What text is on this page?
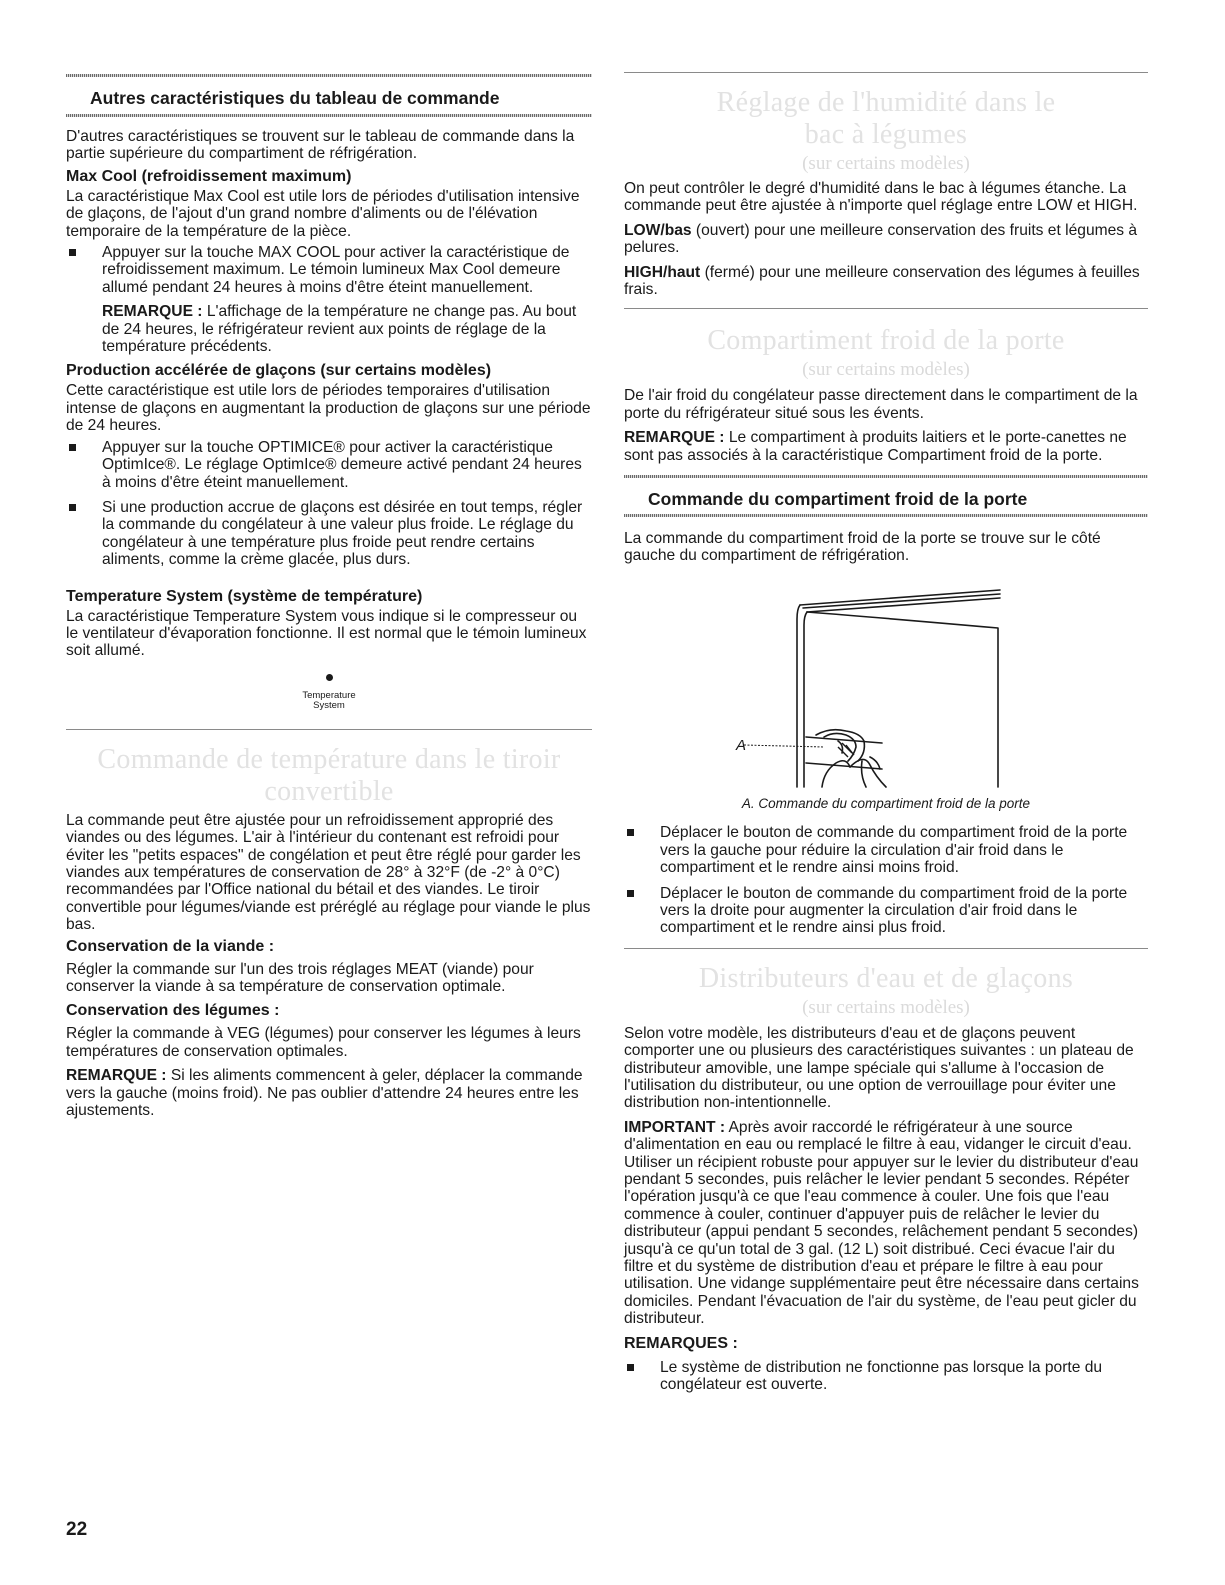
Autres caractéristiques du tableau de commande

D'autres caractéristiques se trouvent sur le tableau de commande dans la partie supérieure du compartiment de réfrigération.

Max Cool (refroidissement maximum)

La caractéristique Max Cool est utile lors de périodes d'utilisation intensive de glaçons, de l'ajout d'un grand nombre d'aliments ou de l'élévation temporaire de la température de la pièce.

Appuyer sur la touche MAX COOL pour activer la caractéristique de refroidissement maximum. Le témoin lumineux Max Cool demeure allumé pendant 24 heures à moins d'être éteint manuellement.

REMARQUE : L'affichage de la température ne change pas. Au bout de 24 heures, le réfrigérateur revient aux points de réglage de la température précédents.

Production accélérée de glaçons (sur certains modèles)

Cette caractéristique est utile lors de périodes temporaires d'utilisation intense de glaçons en augmentant la production de glaçons sur une période de 24 heures.

Appuyer sur la touche OPTIMICE® pour activer la caractéristique OptimIce®. Le réglage OptimIce® demeure activé pendant 24 heures à moins d'être éteint manuellement.
Si une production accrue de glaçons est désirée en tout temps, régler la commande du congélateur à une valeur plus froide. Le réglage du congélateur à une température plus froide peut rendre certains aliments, comme la crème glacée, plus durs.
Temperature System (système de température)

La caractéristique Temperature System vous indique si le compresseur ou le ventilateur d'évaporation fonctionne. Il est normal que le témoin lumineux soit allumé.

Temperature
System
Commande de température dans le tiroir convertible

La commande peut être ajustée pour un refroidissement approprié des viandes ou des légumes. L'air à l'intérieur du contenant est refroidi pour éviter les "petits espaces" de congélation et peut être réglé pour garder les viandes aux températures de conservation de 28° à 32°F (de -2° à 0°C) recommandées par l'Office national du bétail et des viandes. Le tiroir convertible pour légumes/viande est préréglé au réglage pour viande le plus bas.

Conservation de la viande :

Régler la commande sur l'un des trois réglages MEAT (viande) pour conserver la viande à sa température de conservation optimale.

Conservation des légumes :

Régler la commande à VEG (légumes) pour conserver les légumes à leurs températures de conservation optimales.

REMARQUE : Si les aliments commencent à geler, déplacer la commande vers la gauche (moins froid). Ne pas oublier d'attendre 24 heures entre les ajustements.

Réglage de l'humidité dans le bac à légumes
(sur certains modèles)

On peut contrôler le degré d'humidité dans le bac à légumes étanche. La commande peut être ajustée à n'importe quel réglage entre LOW et HIGH.

LOW/bas (ouvert) pour une meilleure conservation des fruits et légumes à pelures.

HIGH/haut (fermé) pour une meilleure conservation des légumes à feuilles frais.

Compartiment froid de la porte
(sur certains modèles)

De l'air froid du congélateur passe directement dans le compartiment de la porte du réfrigérateur situé sous les évents.

REMARQUE : Le compartiment à produits laitiers et le porte-canettes ne sont pas associés à la caractéristique Compartiment froid de la porte.

Commande du compartiment froid de la porte

La commande du compartiment froid de la porte se trouve sur le côté gauche du compartiment de réfrigération.

A

A. Commande du compartiment froid de la porte

Déplacer le bouton de commande du compartiment froid de la porte vers la gauche pour réduire la circulation d'air froid dans le compartiment et le rendre ainsi moins froid.
Déplacer le bouton de commande du compartiment froid de la porte vers la droite pour augmenter la circulation d'air froid dans le compartiment et le rendre ainsi plus froid.
Distributeurs d'eau et de glaçons
(sur certains modèles)

Selon votre modèle, les distributeurs d'eau et de glaçons peuvent comporter une ou plusieurs des caractéristiques suivantes : un plateau de distributeur amovible, une lampe spéciale qui s'allume à l'occasion de l'utilisation du distributeur, ou une option de verrouillage pour éviter une distribution non-intentionnelle.

IMPORTANT : Après avoir raccordé le réfrigérateur à une source d'alimentation en eau ou remplacé le filtre à eau, vidanger le circuit d'eau. Utiliser un récipient robuste pour appuyer sur le levier du distributeur d'eau pendant 5 secondes, puis relâcher le levier pendant 5 secondes. Répéter l'opération jusqu'à ce que l'eau commence à couler. Une fois que l'eau commence à couler, continuer d'appuyer puis de relâcher le levier du distributeur (appui pendant 5 secondes, relâchement pendant 5 secondes) jusqu'à ce qu'un total de 3 gal. (12 L) soit distribué. Ceci évacue l'air du filtre et du système de distribution d'eau et prépare le filtre à eau pour utilisation. Une vidange supplémentaire peut être nécessaire dans certains domiciles. Pendant l'évacuation de l'air du système, de l'eau peut gicler du distributeur.

REMARQUES :
Le système de distribution ne fonctionne pas lorsque la porte du congélateur est ouverte.
22
